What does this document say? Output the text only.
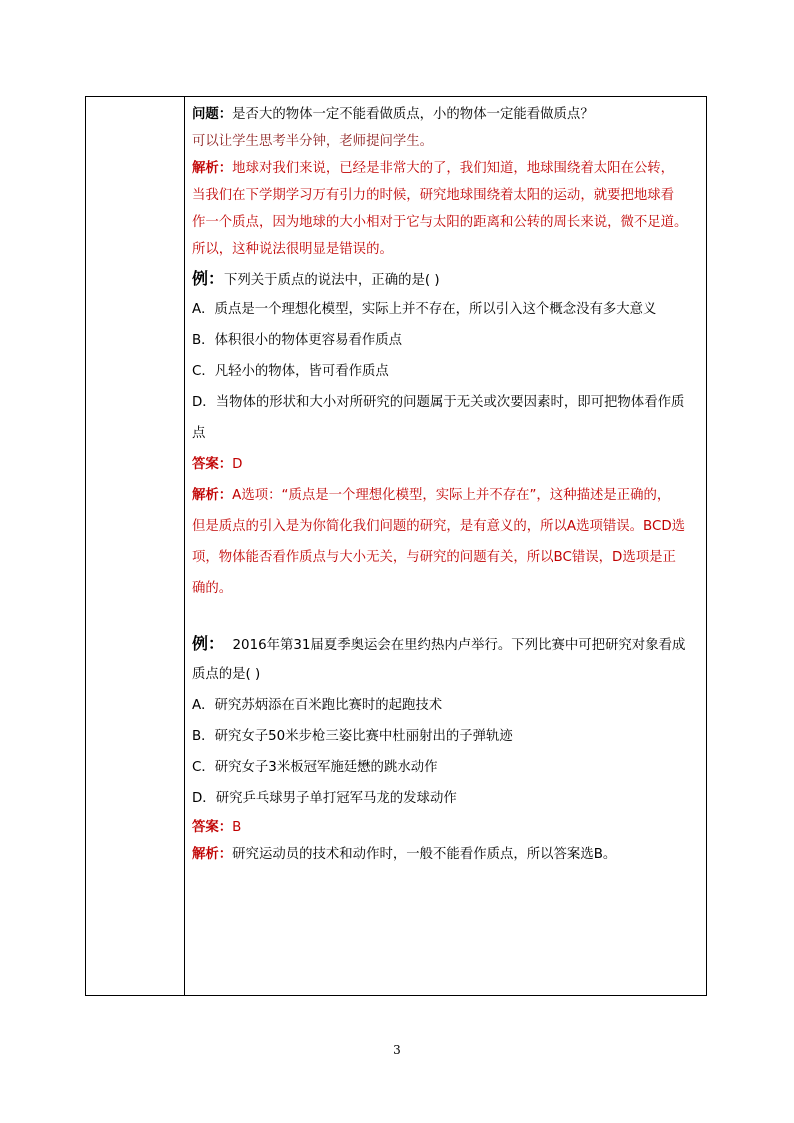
问题：是否大的物体一定不能看做质点，小的物体一定能看做质点？
可以让学生思考半分钟，老师提问学生。
解析：地球对我们来说，已经是非常大的了，我们知道，地球围绕着太阳在公转，
当我们在下学期学习万有引力的时候，研究地球围绕着太阳的运动，就要把地球看
作一个质点，因为地球的大小相对于它与太阳的距离和公转的周长来说，微不足道。
所以，这种说法很明显是错误的。
例：下列关于质点的说法中，正确的是( )
A．质点是一个理想化模型，实际上并不存在，所以引入这个概念没有多大意义
B．体积很小的物体更容易看作质点
C．凡轻小的物体，皆可看作质点
D．当物体的形状和大小对所研究的问题属于无关或次要因素时，即可把物体看作质
点
答案：D
解析：A选项：“质点是一个理想化模型，实际上并不存在”，这种描述是正确的，
但是质点的引入是为你简化我们问题的研究，是有意义的，所以A选项错误。BCD选
项，物体能否看作质点与大小无关，与研究的问题有关，所以BC错误，D选项是正
确的。
例： 2016年第31届夏季奥运会在里约热内卢举行。下列比赛中可把研究对象看成
质点的是( )
A．研究苏炳添在百米跑比赛时的起跑技术
B．研究女子50米步枪三姿比赛中杜丽射出的子弹轨迹
C．研究女子3米板冠军施廷懋的跳水动作
D．研究乒乓球男子单打冠军马龙的发球动作
答案：B
解析：研究运动员的技术和动作时，一般不能看作质点，所以答案选B。
3
